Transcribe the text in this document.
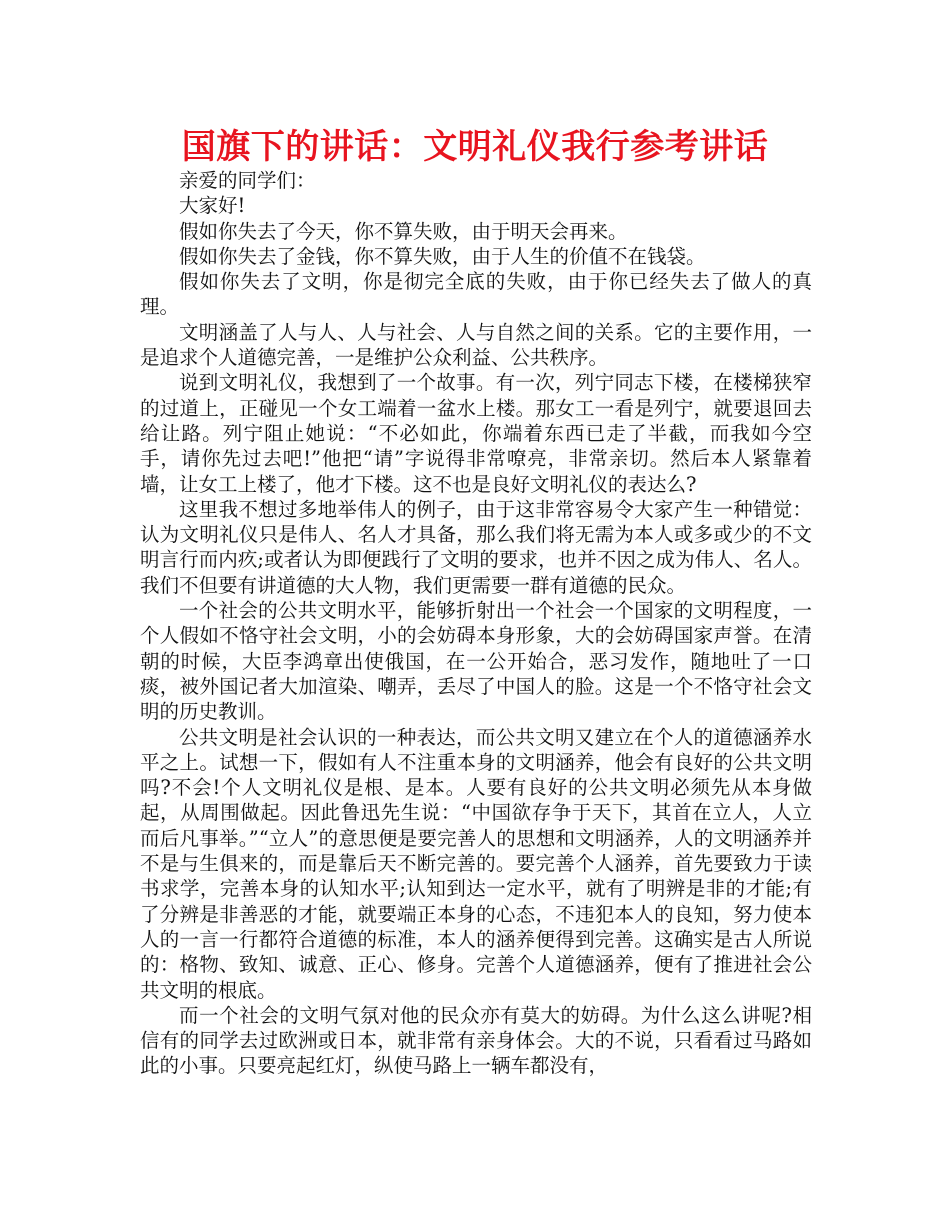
国旗下的讲话：文明礼仪我行参考讲话

亲爱的同学们：

大家好!

假如你失去了今天，你不算失败，由于明天会再来。

假如你失去了金钱，你不算失败，由于人生的价值不在钱袋。

假如你失去了文明，你是彻完全底的失败，由于你已经失去了做人的真理。

文明涵盖了人与人、人与社会、人与自然之间的关系。它的主要作用，一是追求个人道德完善，一是维护公众利益、公共秩序。

说到文明礼仪，我想到了一个故事。有一次，列宁同志下楼，在楼梯狭窄的过道上，正碰见一个女工端着一盆水上楼。那女工一看是列宁，就要退回去给让路。列宁阻止她说：“不必如此，你端着东西已走了半截，而我如今空手，请你先过去吧!”他把“请”字说得非常嘹亮，非常亲切。然后本人紧靠着墙，让女工上楼了，他才下楼。这不也是良好文明礼仪的表达么?

这里我不想过多地举伟人的例子，由于这非常容易令大家产生一种错觉：认为文明礼仪只是伟人、名人才具备，那么我们将无需为本人或多或少的不文明言行而内疚;或者认为即便践行了文明的要求，也并不因之成为伟人、名人。我们不但要有讲道德的大人物，我们更需要一群有道德的民众。

一个社会的公共文明水平，能够折射出一个社会一个国家的文明程度，一个人假如不恪守社会文明，小的会妨碍本身形象，大的会妨碍国家声誉。在清朝的时候，大臣李鸿章出使俄国，在一公开始合，恶习发作，随地吐了一口痰，被外国记者大加渲染、嘲弄，丢尽了中国人的脸。这是一个不恪守社会文明的历史教训。

公共文明是社会认识的一种表达，而公共文明又建立在个人的道德涵养水平之上。试想一下，假如有人不注重本身的文明涵养，他会有良好的公共文明吗?不会!个人文明礼仪是根、是本。人要有良好的公共文明必须先从本身做起，从周围做起。因此鲁迅先生说：“中国欲存争于天下，其首在立人，人立而后凡事举。”“立人”的意思便是要完善人的思想和文明涵养，人的文明涵养并不是与生俱来的，而是靠后天不断完善的。要完善个人涵养，首先要致力于读书求学，完善本身的认知水平;认知到达一定水平，就有了明辨是非的才能;有了分辨是非善恶的才能，就要端正本身的心态，不违犯本人的良知，努力使本人的一言一行都符合道德的标准，本人的涵养便得到完善。这确实是古人所说的：格物、致知、诚意、正心、修身。完善个人道德涵养，便有了推进社会公共文明的根底。

而一个社会的文明气氛对他的民众亦有莫大的妨碍。为什么这么讲呢?相信有的同学去过欧洲或日本，就非常有亲身体会。大的不说，只看看过马路如此的小事。只要亮起红灯，纵使马路上一辆车都没有，
